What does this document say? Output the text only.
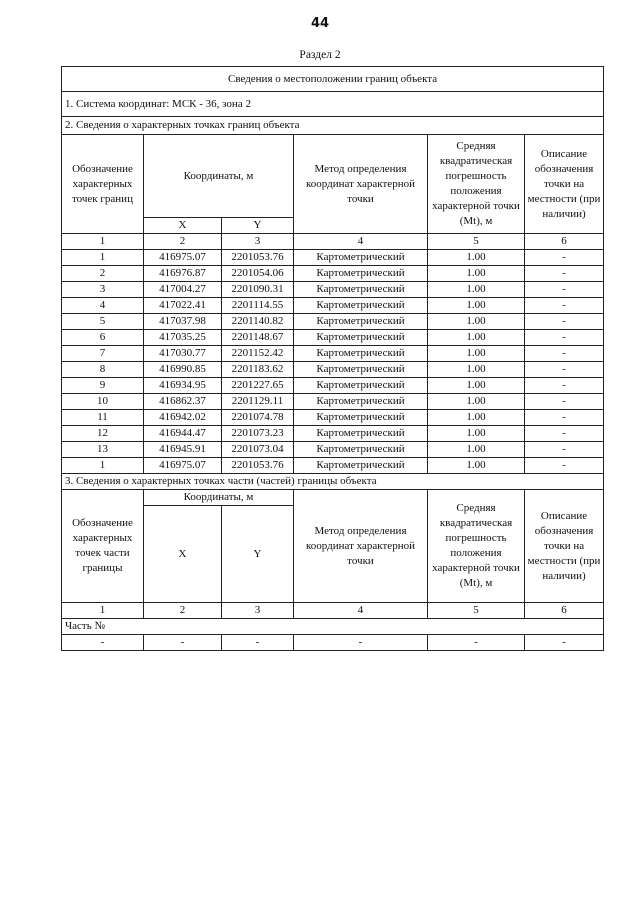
44
Раздел 2
Сведения о местоположении границ объекта					
1. Система координат: МСК - 36, зона 2					
2. Сведения о характерных точках границ объекта					
Обозначение характерных точек границ	Координаты, м		Метод определения координат характерной точки	Средняя квадратическая погрешность положения характерной точки (Mt), м	Описание обозначения точки на местности (при наличии)
	X	Y			
1	2	3	4	5	6
1	416975.07	2201053.76	Картометрический	1.00	-
2	416976.87	2201054.06	Картометрический	1.00	-
3	417004.27	2201090.31	Картометрический	1.00	-
4	417022.41	2201114.55	Картометрический	1.00	-
5	417037.98	2201140.82	Картометрический	1.00	-
6	417035.25	2201148.67	Картометрический	1.00	-
7	417030.77	2201152.42	Картометрический	1.00	-
8	416990.85	2201183.62	Картометрический	1.00	-
9	416934.95	2201227.65	Картометрический	1.00	-
10	416862.37	2201129.11	Картометрический	1.00	-
11	416942.02	2201074.78	Картометрический	1.00	-
12	416944.47	2201073.23	Картометрический	1.00	-
13	416945.91	2201073.04	Картометрический	1.00	-
1	416975.07	2201053.76	Картометрический	1.00	-
3. Сведения о характерных точках части (частей) границы объекта					
Обозначение характерных точек части границы	Координаты, м		Метод определения координат характерной точки	Средняя квадратическая погрешность положения характерной точки (Mt), м	Описание обозначения точки на местности (при наличии)
	X	Y			
1	2	3	4	5	6
Часть №					
-	-	-	-	-	-
